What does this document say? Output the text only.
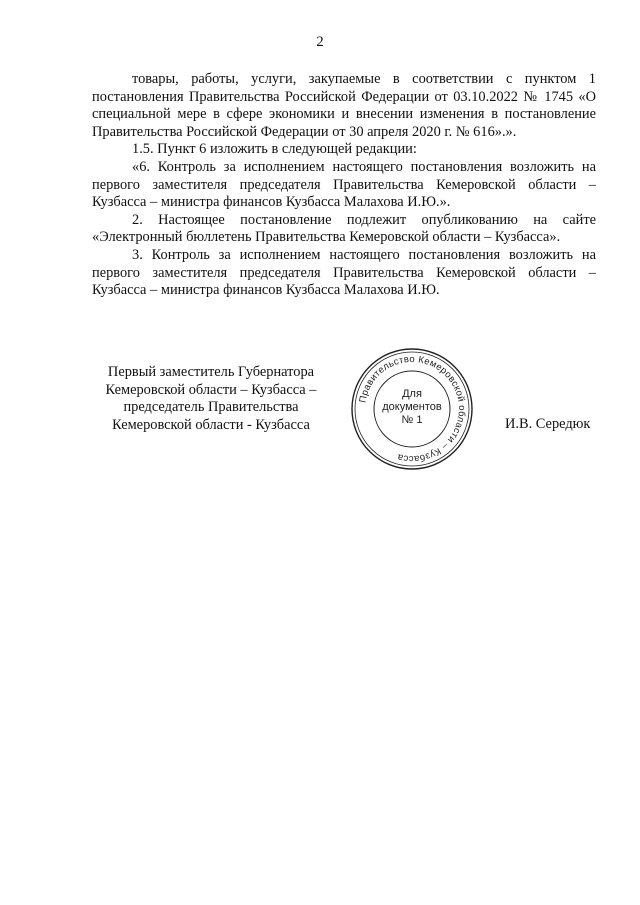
2

товары, работы, услуги, закупаемые в соответствии с пунктом 1 постановления Правительства Российской Федерации от 03.10.2022 № 1745 «О специальной мере в сфере экономики и внесении изменения в постановление Правительства Российской Федерации от 30 апреля 2020 г. № 616».».

1.5. Пункт 6 изложить в следующей редакции:

«6. Контроль за исполнением настоящего постановления возложить на первого заместителя председателя Правительства Кемеровской области – Кузбасса – министра финансов Кузбасса Малахова И.Ю.».

2. Настоящее постановление подлежит опубликованию на сайте «Электронный бюллетень Правительства Кемеровской области – Кузбасса».

3. Контроль за исполнением настоящего постановления возложить на первого заместителя председателя Правительства Кемеровской области – Кузбасса – министра финансов Кузбасса Малахова И.Ю.

Первый заместитель Губернатора
Кемеровской области – Кузбасса –
председатель Правительства
Кемеровской области - Кузбасса	И.В. Середюк
Правительство Кемеровской области – Кузбасса
Для
документов
№ 1
